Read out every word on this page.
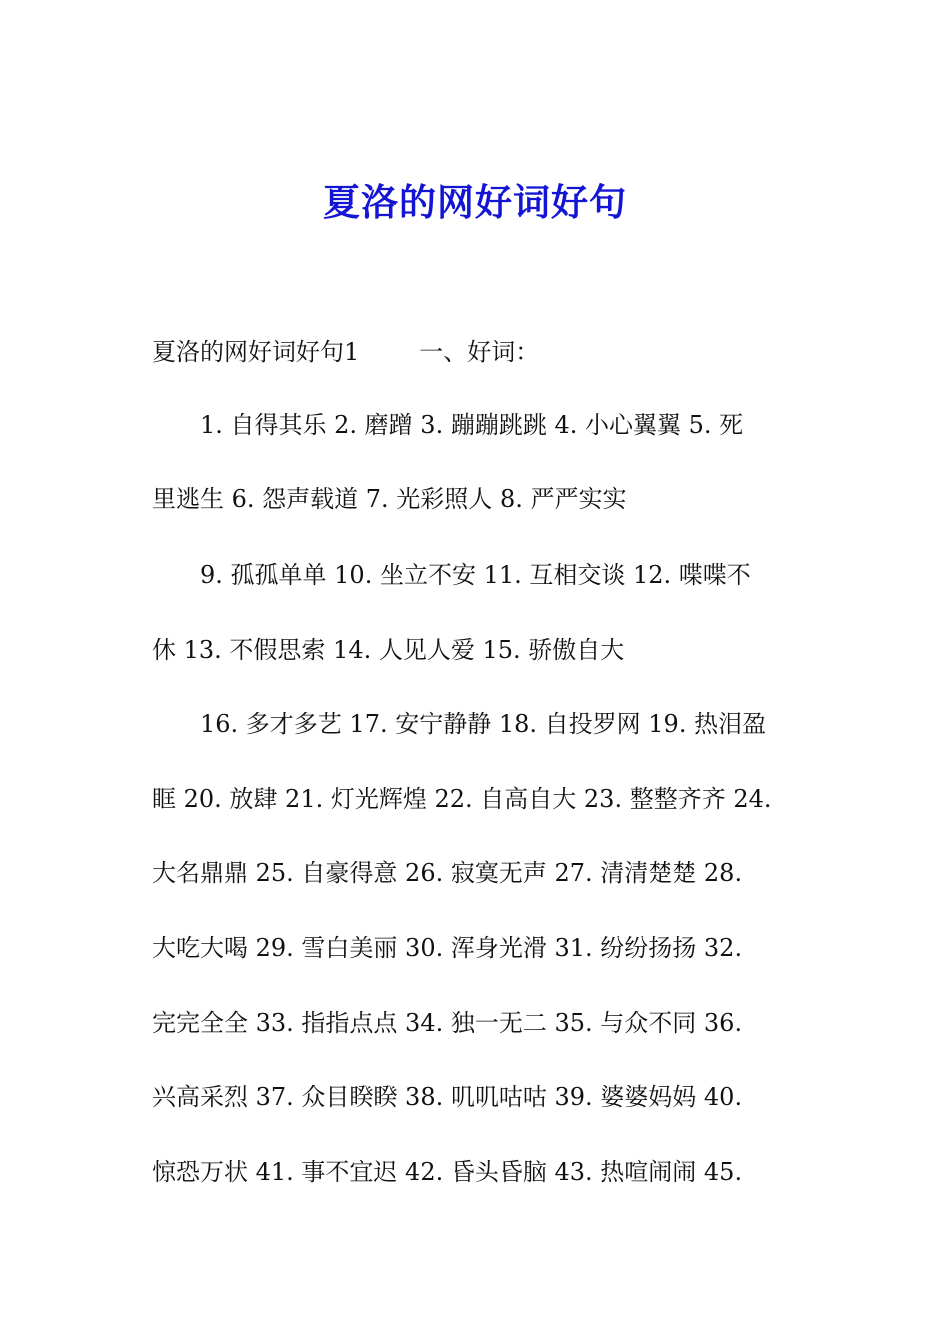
夏洛的网好词好句
夏洛的网好词好句1	一、好词：
1. 自得其乐 2. 磨蹭 3. 蹦蹦跳跳 4. 小心翼翼 5. 死
里逃生 6. 怨声载道 7. 光彩照人 8. 严严实实
9. 孤孤单单 10. 坐立不安 11. 互相交谈 12. 喋喋不
休 13. 不假思索 14. 人见人爱 15. 骄傲自大
16. 多才多艺 17. 安宁静静 18. 自投罗网 19. 热泪盈
眶 20. 放肆 21. 灯光辉煌 22. 自高自大 23. 整整齐齐 24.
大名鼎鼎 25. 自豪得意 26. 寂寞无声 27. 清清楚楚 28.
大吃大喝 29. 雪白美丽 30. 浑身光滑 31. 纷纷扬扬 32.
完完全全 33. 指指点点 34. 独一无二 35. 与众不同 36.
兴高采烈 37. 众目睽睽 38. 叽叽咕咕 39. 婆婆妈妈 40.
惊恐万状 41. 事不宜迟 42. 昏头昏脑 43. 热喧闹闹 45.
